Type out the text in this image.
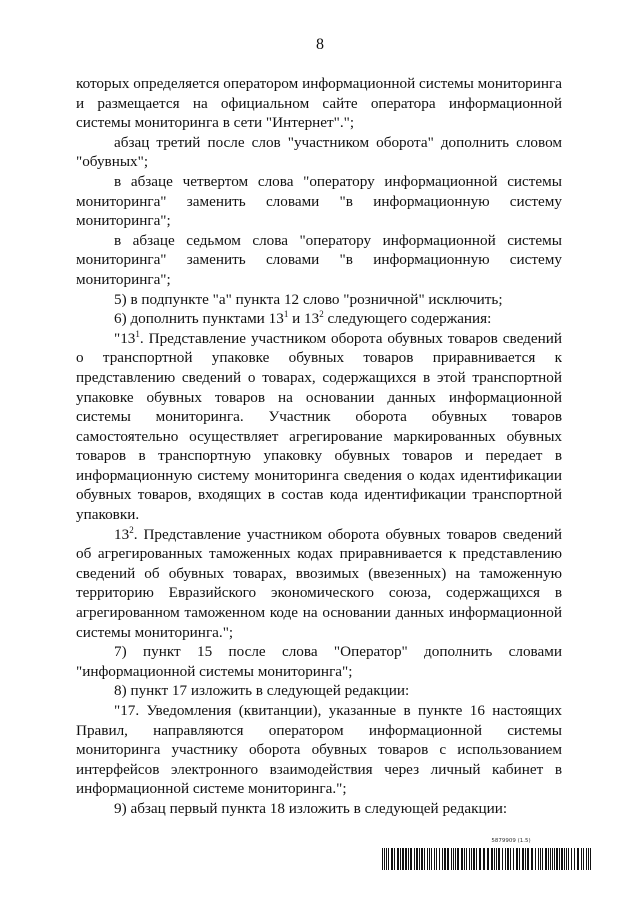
8

которых определяется оператором информационной системы мониторинга и размещается на официальном сайте оператора информационной системы мониторинга в сети "Интернет".";

абзац третий после слов "участником оборота" дополнить словом "обувных";

в абзаце четвертом слова "оператору информационной системы мониторинга" заменить словами "в информационную систему мониторинга";

в абзаце седьмом слова "оператору информационной системы мониторинга" заменить словами "в информационную систему мониторинга";

5) в подпункте "а" пункта 12 слово "розничной" исключить;

6) дополнить пунктами $13^1$ и $13^2$ следующего содержания:

"$13^1$. Представление участником оборота обувных товаров сведений о транспортной упаковке обувных товаров приравнивается к представлению сведений о товарах, содержащихся в этой транспортной упаковке обувных товаров на основании данных информационной системы мониторинга. Участник оборота обувных товаров самостоятельно осуществляет агрегирование маркированных обувных товаров в транспортную упаковку обувных товаров и передает в информационную систему мониторинга сведения о кодах идентификации обувных товаров, входящих в состав кода идентификации транспортной упаковки.

$13^2$. Представление участником оборота обувных товаров сведений об агрегированных таможенных кодах приравнивается к представлению сведений об обувных товарах, ввозимых (ввезенных) на таможенную территорию Евразийского экономического союза, содержащихся в агрегированном таможенном коде на основании данных информационной системы мониторинга.";

7) пункт 15 после слова "Оператор" дополнить словами "информационной системы мониторинга";

8) пункт 17 изложить в следующей редакции:

"17. Уведомления (квитанции), указанные в пункте 16 настоящих Правил, направляются оператором информационной системы мониторинга участнику оборота обувных товаров с использованием интерфейсов электронного взаимодействия через личный кабинет в информационной системе мониторинга.";

9) абзац первый пункта 18 изложить в следующей редакции:

5879909 (1.5)
